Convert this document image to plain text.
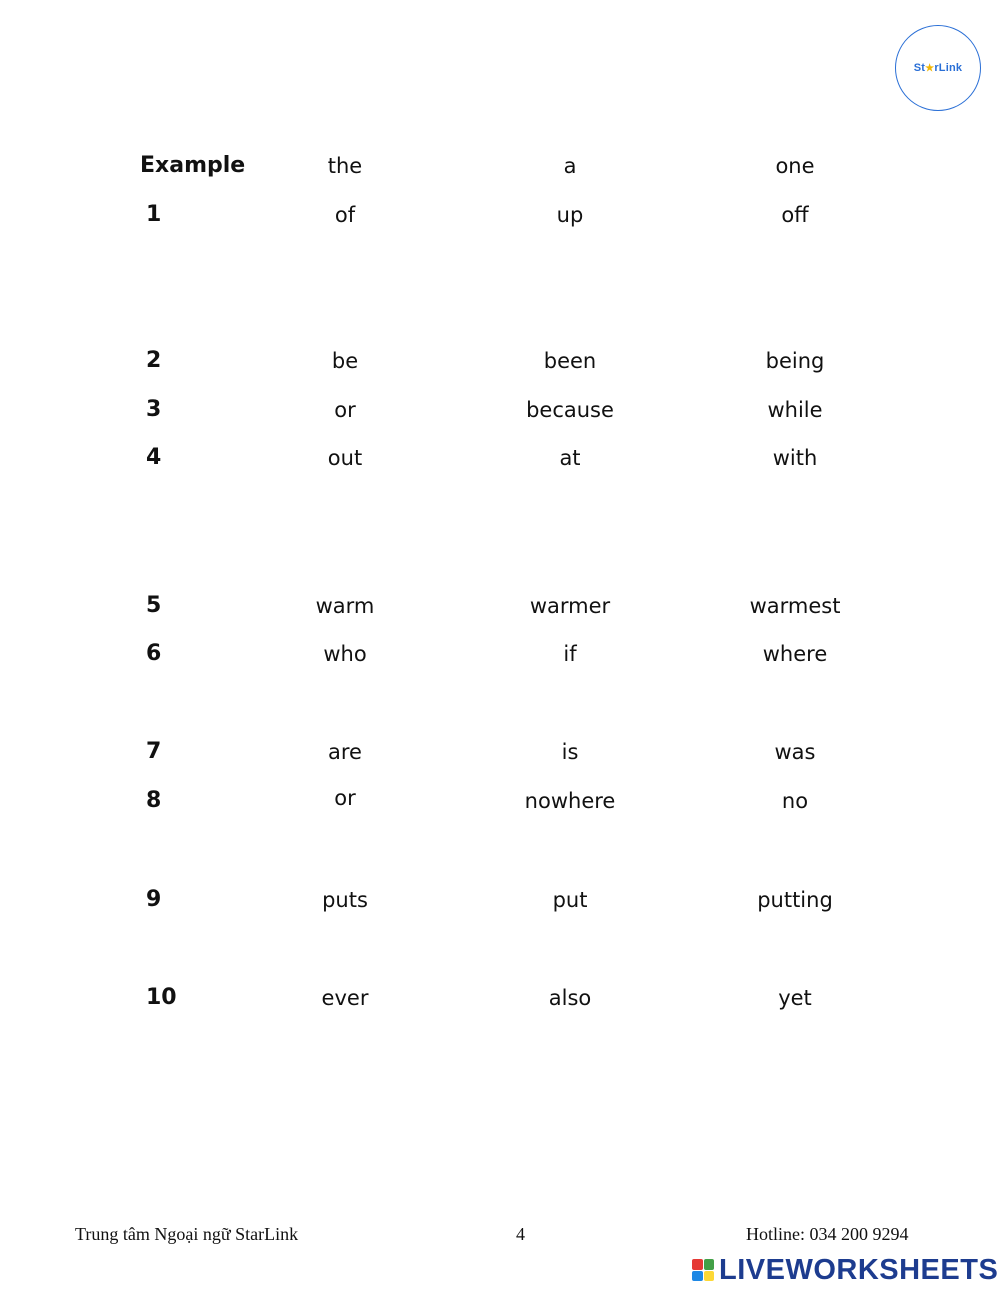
St ★ rLink
Example	the	a	one
1	of	up	off
2	be	been	being
3	or	because	while
4	out	at	with
5	warm	warmer	warmest
6	who	if	where
7	are	is	was
8	or	nowhere	no
9	puts	put	putting
10	ever	also	yet
Trung tâm Ngoại ngữ StarLink	4	Hotline: 034 200 9294
LIVEWORKSHEETS
